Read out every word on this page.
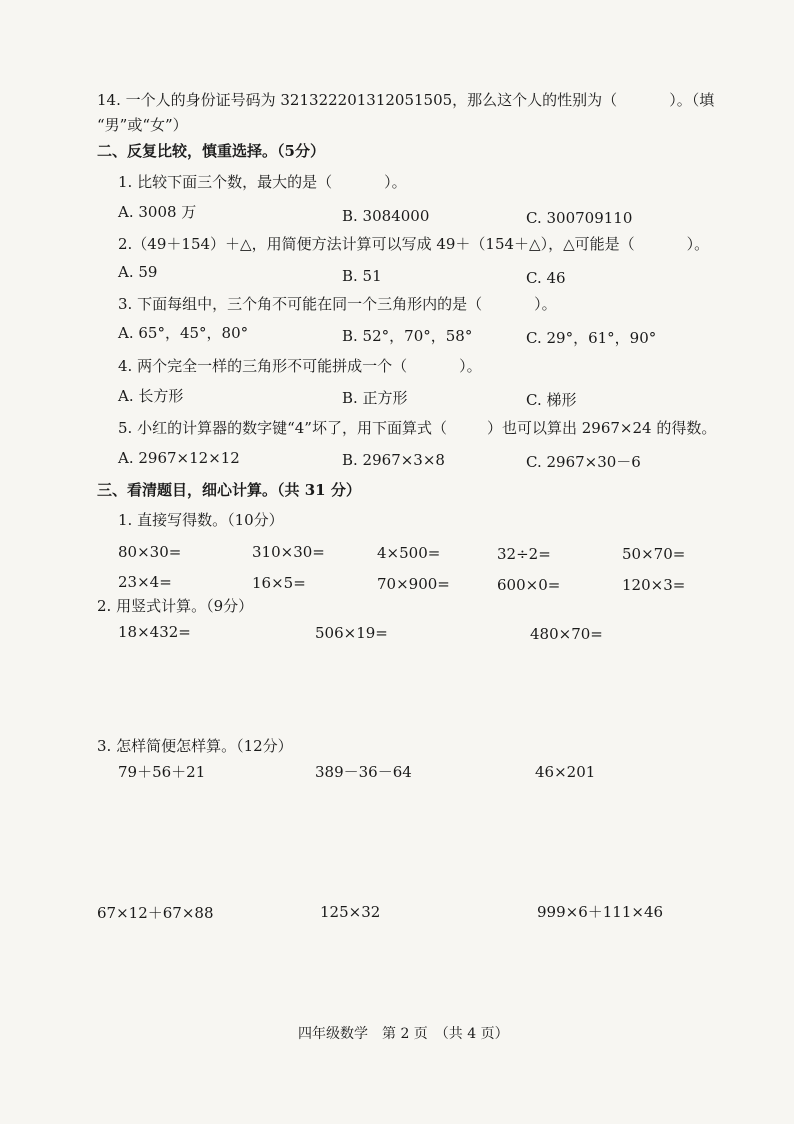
14. 一个人的身份证号码为 321322201312051505，那么这个人的性别为（	）。（填
“男”或“女”）
二、反复比较，慎重选择。（5分）
1. 比较下面三个数，最大的是（	）。
A. 3008 万	B. 3084000	C. 300709110
2.（49＋154）＋△，用简便方法计算可以写成 49＋（154＋△），△可能是（	）。
A. 59	B. 51	C. 46
3. 下面每组中，三个角不可能在同一个三角形内的是（	）。
A. 65°，45°，80°	B. 52°，70°，58°	C. 29°，61°，90°
4. 两个完全一样的三角形不可能拼成一个（	）。
A. 长方形	B. 正方形	C. 梯形
5. 小红的计算器的数字键“4”坏了，用下面算式（	）也可以算出 2967×24 的得数。
A. 2967×12×12	B. 2967×3×8	C. 2967×30－6
三、看清题目，细心计算。（共 31 分）
1. 直接写得数。（10分）
80×30=	310×30=	4×500=	32÷2=	50×70=
23×4=	16×5=	70×900=	600×0=	120×3=
2. 用竖式计算。（9分）
18×432=	506×19=	480×70=
3. 怎样简便怎样算。（12分）
79＋56＋21	389－36－64	46×201
67×12＋67×88	125×32	999×6＋111×46
四年级数学　第 2 页　（共 4 页）
